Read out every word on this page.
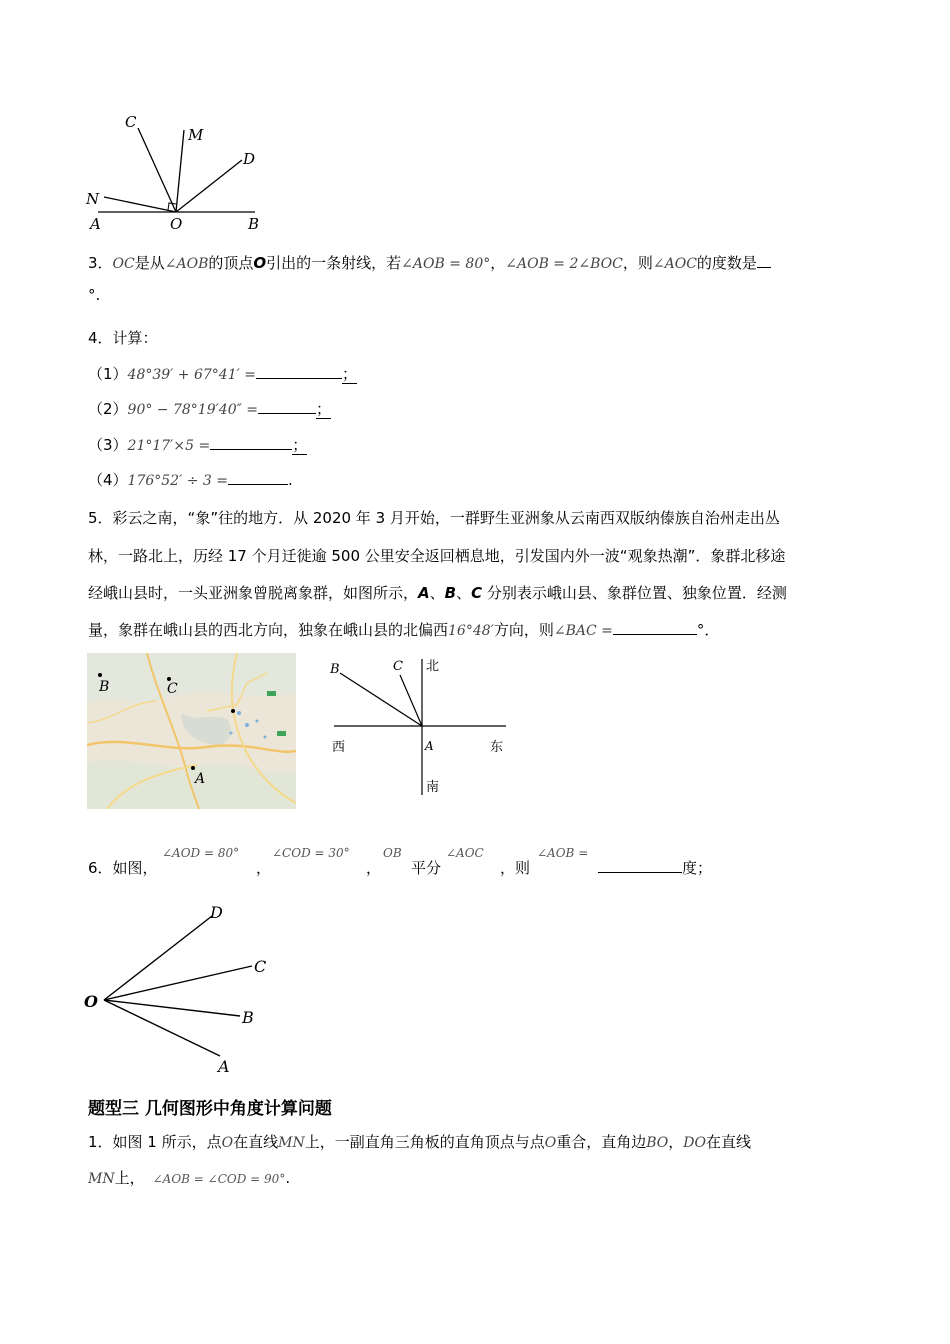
C
M
D
N
A	O	B
3．OC是从∠AOB的顶点O引出的一条射线，若∠AOB = 80°，∠AOB = 2∠BOC，则∠AOC的度数是
°.
4．计算：
（1）48°39′ + 67°41′ =	；
（2）90° − 78°19′40″ =	；
（3）21°17′×5 =	；
（4）176°52′ ÷ 3 =	.
5．彩云之南，“象”往的地方．从 2020 年 3 月开始，一群野生亚洲象从云南西双版纳傣族自治州走出丛
林，一路北上，历经 17 个月迁徙逾 500 公里安全返回栖息地，引发国内外一波“观象热潮”．象群北移途
经峨山县时，一头亚洲象曾脱离象群，如图所示，A、B、C 分别表示峨山县、象群位置、独象位置．经测
量，象群在峨山县的西北方向，独象在峨山县的北偏西16°48′方向，则∠BAC =	°．
B	C
A
B	C 北
西	A	东
南
6．如图，
∠AOD = 80°
，
∠COD = 30°
，
OB
平分
∠AOC
，则
∠AOB =
度；
D
C
O
B
A
题型三 几何图形中角度计算问题
1．如图 1 所示，点O在直线MN上，一副直角三角板的直角顶点与点O重合，直角边BO，DO在直线
MN上， ∠AOB = ∠COD = 90°.
